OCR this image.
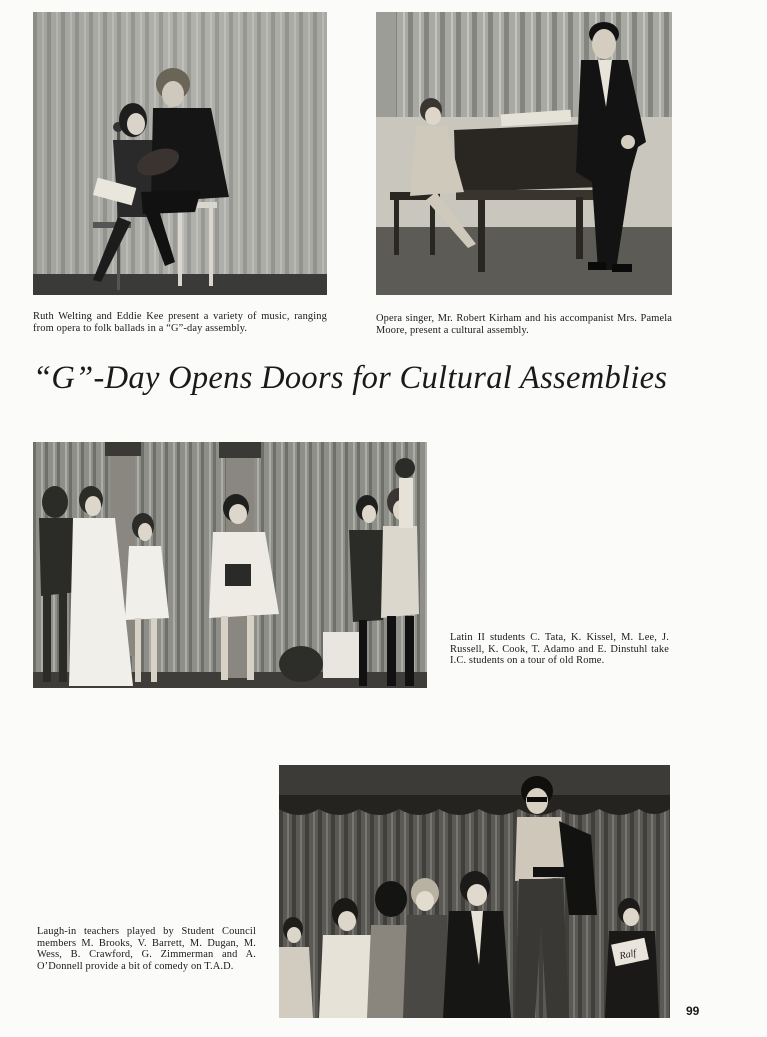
Ruth Welting and Eddie Kee present a variety of music, ranging from opera to folk ballads in a “G”-day assembly.

Opera singer, Mr. Robert Kirham and his accompanist Mrs. Pamela Moore, present a cultural assembly.

“G”-Day Opens Doors for Cultural Assemblies

Latin II students C. Tata, K. Kissel, M. Lee, J. Russell, K. Cook, T. Adamo and E. Dinstuhl take I.C. students on a tour of old Rome.

Ralf

Laugh-in teachers played by Student Council members M. Brooks, V. Barrett, M. Dugan, M. Wess, B. Crawford, G. Zimmerman and A. O’Donnell provide a bit of comedy on T.A.D.

99
